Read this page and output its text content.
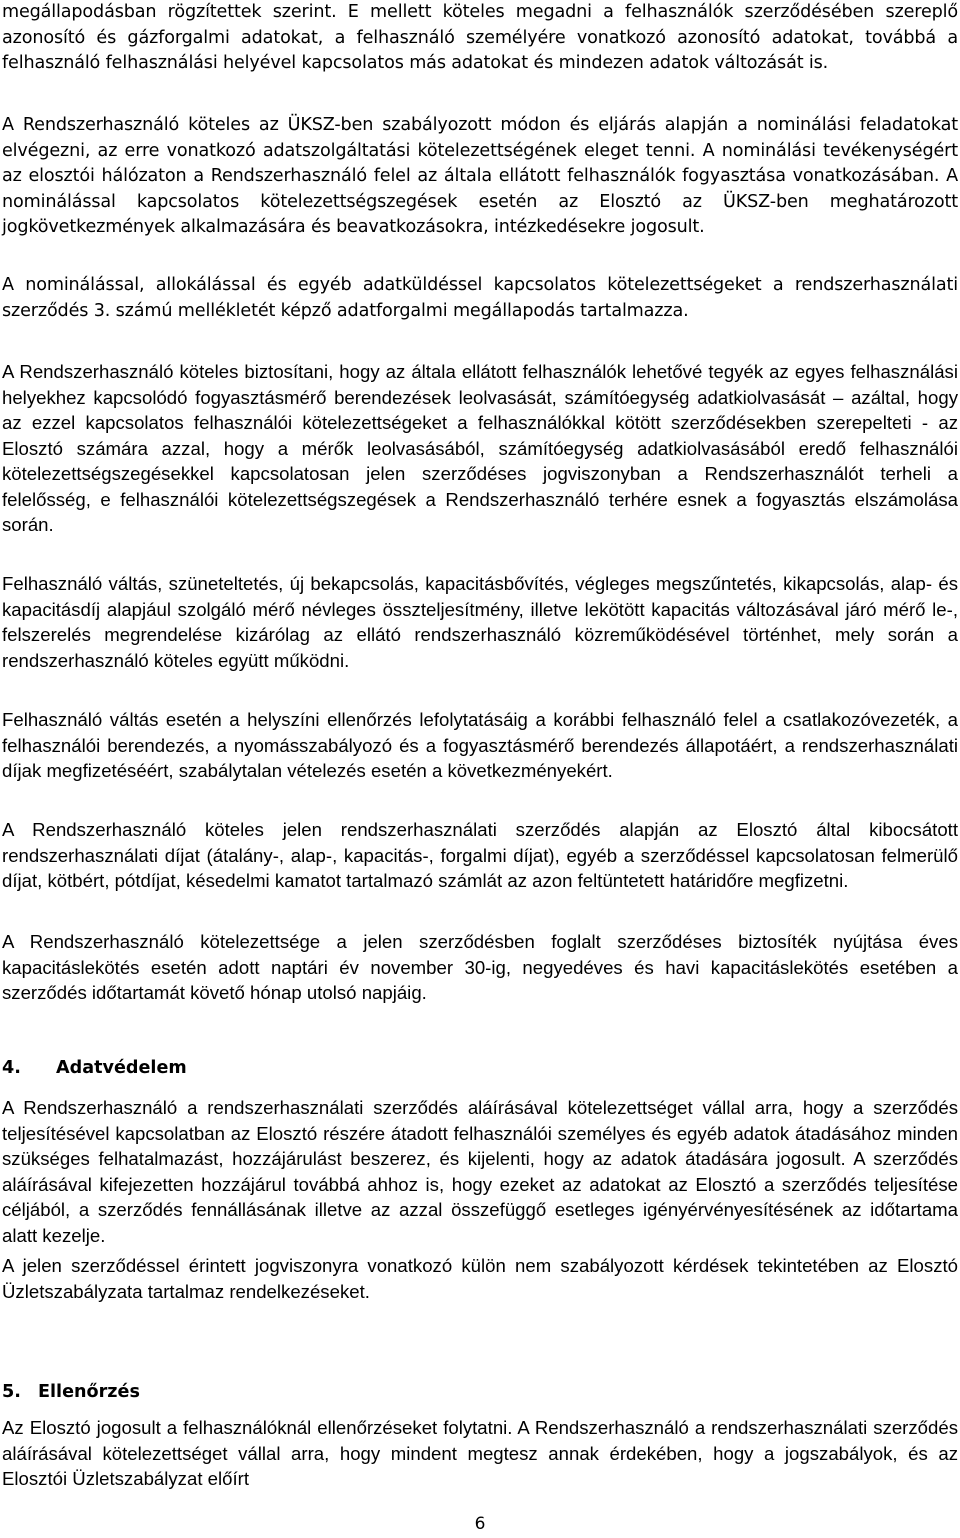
megállapodásban rögzítettek szerint. E mellett köteles megadni a felhasználók szerződésében szereplő azonosító és gázforgalmi adatokat, a felhasználó személyére vonatkozó azonosító adatokat, továbbá a felhasználó felhasználási helyével kapcsolatos más adatokat és mindezen adatok változását is.

A Rendszerhasználó köteles az ÜKSZ-ben szabályozott módon és eljárás alapján a nominálási feladatokat elvégezni, az erre vonatkozó adatszolgáltatási kötelezettségének eleget tenni. A nominálási tevékenységért az elosztói hálózaton a Rendszerhasználó felel az általa ellátott felhasználók fogyasztása vonatkozásában. A nominálással kapcsolatos kötelezettségszegések esetén az Elosztó az ÜKSZ-ben meghatározott jogkövetkezmények alkalmazására és beavatkozásokra, intézkedésekre jogosult.

A nominálással, allokálással és egyéb adatküldéssel kapcsolatos kötelezettségeket a rendszerhasználati szerződés 3. számú mellékletét képző adatforgalmi megállapodás tartalmazza.

A Rendszerhasználó köteles biztosítani, hogy az általa ellátott felhasználók lehetővé tegyék az egyes felhasználási helyekhez kapcsolódó fogyasztásmérő berendezések leolvasását, számítóegység adatkiolvasását – azáltal, hogy az ezzel kapcsolatos felhasználói kötelezettségeket a felhasználókkal kötött szerződésekben szerepelteti - az Elosztó számára azzal, hogy a mérők leolvasásából, számítóegység adatkiolvasásából eredő felhasználói kötelezettségszegésekkel kapcsolatosan jelen szerződéses jogviszonyban a Rendszerhasználót terheli a felelősség, e felhasználói kötelezettségszegések a Rendszerhasználó terhére esnek a fogyasztás elszámolása során.

Felhasználó váltás, szüneteltetés, új bekapcsolás, kapacitásbővítés, végleges megszűntetés, kikapcsolás, alap- és kapacitásdíj alapjául szolgáló mérő névleges összteljesítmény, illetve lekötött kapacitás változásával járó mérő le-, felszerelés megrendelése kizárólag az ellátó rendszerhasználó közreműködésével történhet, mely során a rendszerhasználó köteles együtt működni.

Felhasználó váltás esetén a helyszíni ellenőrzés lefolytatásáig a korábbi felhasználó felel a csatlakozóvezeték, a felhasználói berendezés, a nyomásszabályozó és a fogyasztásmérő berendezés állapotáért, a rendszerhasználati díjak megfizetéséért, szabálytalan vételezés esetén a következményekért.

A Rendszerhasználó köteles jelen rendszerhasználati szerződés alapján az Elosztó által kibocsátott rendszerhasználati díjat (átalány-, alap-, kapacitás-, forgalmi díjat), egyéb a szerződéssel kapcsolatosan felmerülő díjat, kötbért, pótdíjat, késedelmi kamatot tartalmazó számlát az azon feltüntetett határidőre megfizetni.

A Rendszerhasználó kötelezettsége a jelen szerződésben foglalt szerződéses biztosíték nyújtása éves kapacitáslekötés esetén adott naptári év november 30-ig, negyedéves és havi kapacitáslekötés esetében a szerződés időtartamát követő hónap utolsó napjáig.

4. Adatvédelem

A Rendszerhasználó a rendszerhasználati szerződés aláírásával kötelezettséget vállal arra, hogy a szerződés teljesítésével kapcsolatban az Elosztó részére átadott felhasználói személyes és egyéb adatok átadásához minden szükséges felhatalmazást, hozzájárulást beszerez, és kijelenti, hogy az adatok átadására jogosult. A szerződés aláírásával kifejezetten hozzájárul továbbá ahhoz is, hogy ezeket az adatokat az Elosztó a szerződés teljesítése céljából, a szerződés fennállásának illetve az azzal összefüggő esetleges igényérvényesítésének az időtartama alatt kezelje.

A jelen szerződéssel érintett jogviszonyra vonatkozó külön nem szabályozott kérdések tekintetében az Elosztó Üzletszabályzata tartalmaz rendelkezéseket.

5. Ellenőrzés

Az Elosztó jogosult a felhasználóknál ellenőrzéseket folytatni. A Rendszerhasználó a rendszerhasználati szerződés aláírásával kötelezettséget vállal arra, hogy mindent megtesz annak érdekében, hogy a jogszabályok, és az Elosztói Üzletszabályzat előírt

6
